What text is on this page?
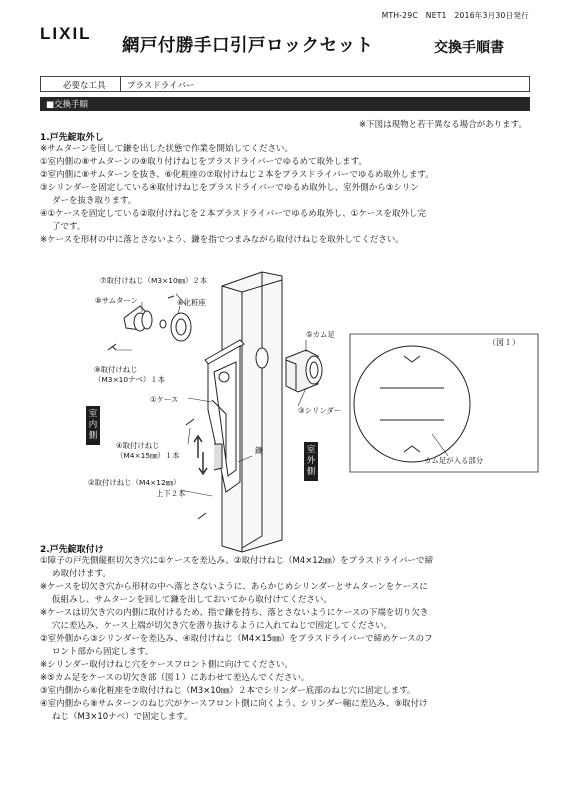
MTH-29C　NET1　2016年3月30日発行
LIXIL
網戸付勝手口引戸ロックセット	交換手順書
必要な工具	プラスドライバー
■交換手順
※下図は現物と若干異なる場合があります。
1.戸先錠取外し
※サムターンを回して鎌を出した状態で作業を開始してください。
①室内側の⑧サムターンの⑨取り付けねじをプラスドライバーでゆるめて取外します。
②室内側に⑧サムターンを抜き、⑥化粧座の⑦取付けねじ２本をプラスドライバーでゆるめ取外します。
③シリンダーを固定している④取付けねじをプラスドライバーでゆるめ取外し、室外側から③シリン
ダーを抜き取ります。
④①ケースを固定している②取付けねじを２本プラスドライバーでゆるめ取外し、①ケースを取外し完
了です。
※ケースを形材の中に落とさないよう、鎌を指でつまみながら取付けねじを取外してください。
⑦取付けねじ（M3×10㎜）２本
⑧サムターン	⑥化粧座
⑨取付けねじ
（M3×10ナベ）１本
①ケース
④取付けねじ
（M4×15㎜）１本
鎌
②取付けねじ（M4×12㎜）
上下２本
⑤カム足
③シリンダー
（図１）
カム足が入る部分
室内側
室外側
2.戸先錠取付け
①障子の戸先側縦框切欠き穴に①ケースを差込み、②取付けねじ（M4×12㎜）をプラスドライバーで締
め取付けます。
※ケースを切欠き穴から形材の中へ落とさないように、あらかじめシリンダーとサムターンをケースに
仮組みし、サムターンを回して鎌を出しておいてから取付けてください。
※ケースは切欠き穴の内側に取付けるため、指で鎌を持ち、落とさないようにケースの下端を切り欠き
穴に差込み、ケース上端が切欠き穴を潜り抜けるように入れてねじで固定してください。
②室外側から③シリンダーを差込み、④取付けねじ（M4×15㎜）をプラスドライバーで締めケースのフ
ロント部から固定します。
※シリンダー取付けねじ穴をケースフロント側に向けてください。
※⑤カム足をケースの切欠き部（図１）にあわせて差込んでください。
③室内側から⑥化粧座を⑦取付けねじ（M3×10㎜）２本でシリンダー底部のねじ穴に固定します。
④室内側から⑧サムターンのねじ穴がケースフロント側に向くよう、シリンダー軸に差込み、⑨取付け
ねじ（M3×10ナベ）で固定します。
